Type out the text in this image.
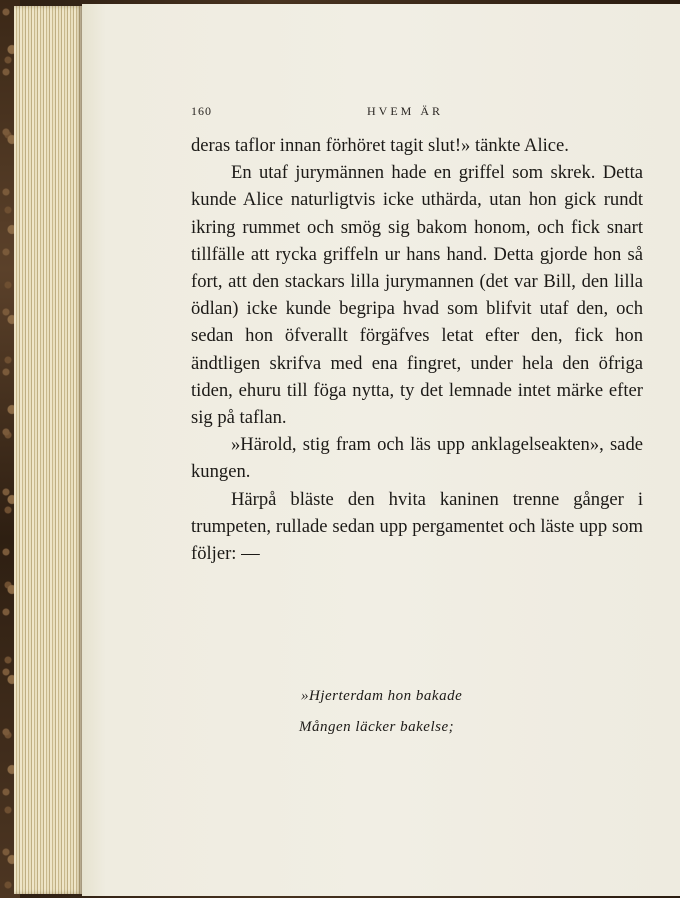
160	HVEM ÄR

deras taflor innan förhöret tagit slut!» tänkte Alice.

En utaf jurymännen hade en griffel som skrek. Detta kunde Alice naturligtvis icke uthärda, utan hon gick rundt ikring rummet och smög sig bakom honom, och fick snart tillfälle att rycka griffeln ur hans hand. Detta gjorde hon så fort, att den stackars lilla jurymannen (det var Bill, den lilla ödlan) icke kunde begripa hvad som blifvit utaf den, och sedan hon öfverallt förgäfves letat efter den, fick hon ändtligen skrifva med ena fingret, under hela den öfriga tiden, ehuru till föga nytta, ty det lemnade intet märke efter sig på taflan.

»Härold, stig fram och läs upp anklagelseakten», sade kungen.

Härpå bläste den hvita kaninen trenne gånger i trumpeten, rullade sedan upp pergamentet och läste upp som följer: —

»Hjerterdam hon bakade
Mången läcker bakelse;
